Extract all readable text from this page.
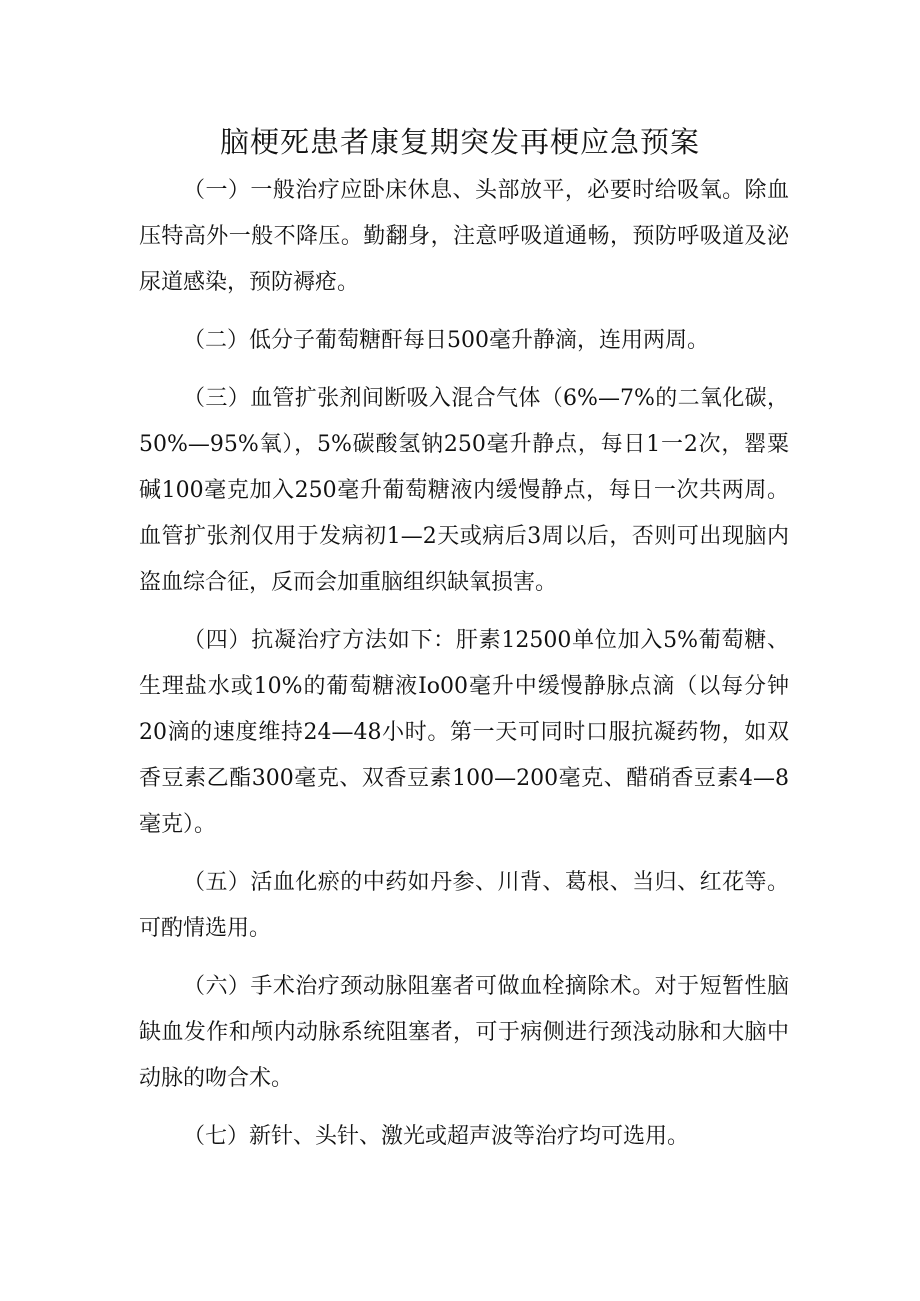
脑梗死患者康复期突发再梗应急预案

（一）一般治疗应卧床休息、头部放平，必要时给吸氧。除血压特高外一般不降压。勤翻身，注意呼吸道通畅，预防呼吸道及泌尿道感染，预防褥疮。

（二）低分子葡萄糖酐每日500毫升静滴，连用两周。

（三）血管扩张剂间断吸入混合气体（6%—7%的二氧化碳，50%—95%氧），5%碳酸氢钠250毫升静点，每日1一2次，罂粟碱100毫克加入250毫升葡萄糖液内缓慢静点，每日一次共两周。血管扩张剂仅用于发病初1—2天或病后3周以后，否则可出现脑内盗血综合征，反而会加重脑组织缺氧损害。

（四）抗凝治疗方法如下：肝素12500单位加入5%葡萄糖、生理盐水或10%的葡萄糖液Io00毫升中缓慢静脉点滴（以每分钟20滴的速度维持24—48小时。第一天可同时口服抗凝药物，如双香豆素乙酯300毫克、双香豆素100—200毫克、醋硝香豆素4—8毫克）。

（五）活血化瘀的中药如丹参、川背、葛根、当归、红花等。可酌情选用。

（六）手术治疗颈动脉阻塞者可做血栓摘除术。对于短暂性脑缺血发作和颅内动脉系统阻塞者，可于病侧进行颈浅动脉和大脑中动脉的吻合术。

（七）新针、头针、激光或超声波等治疗均可选用。
